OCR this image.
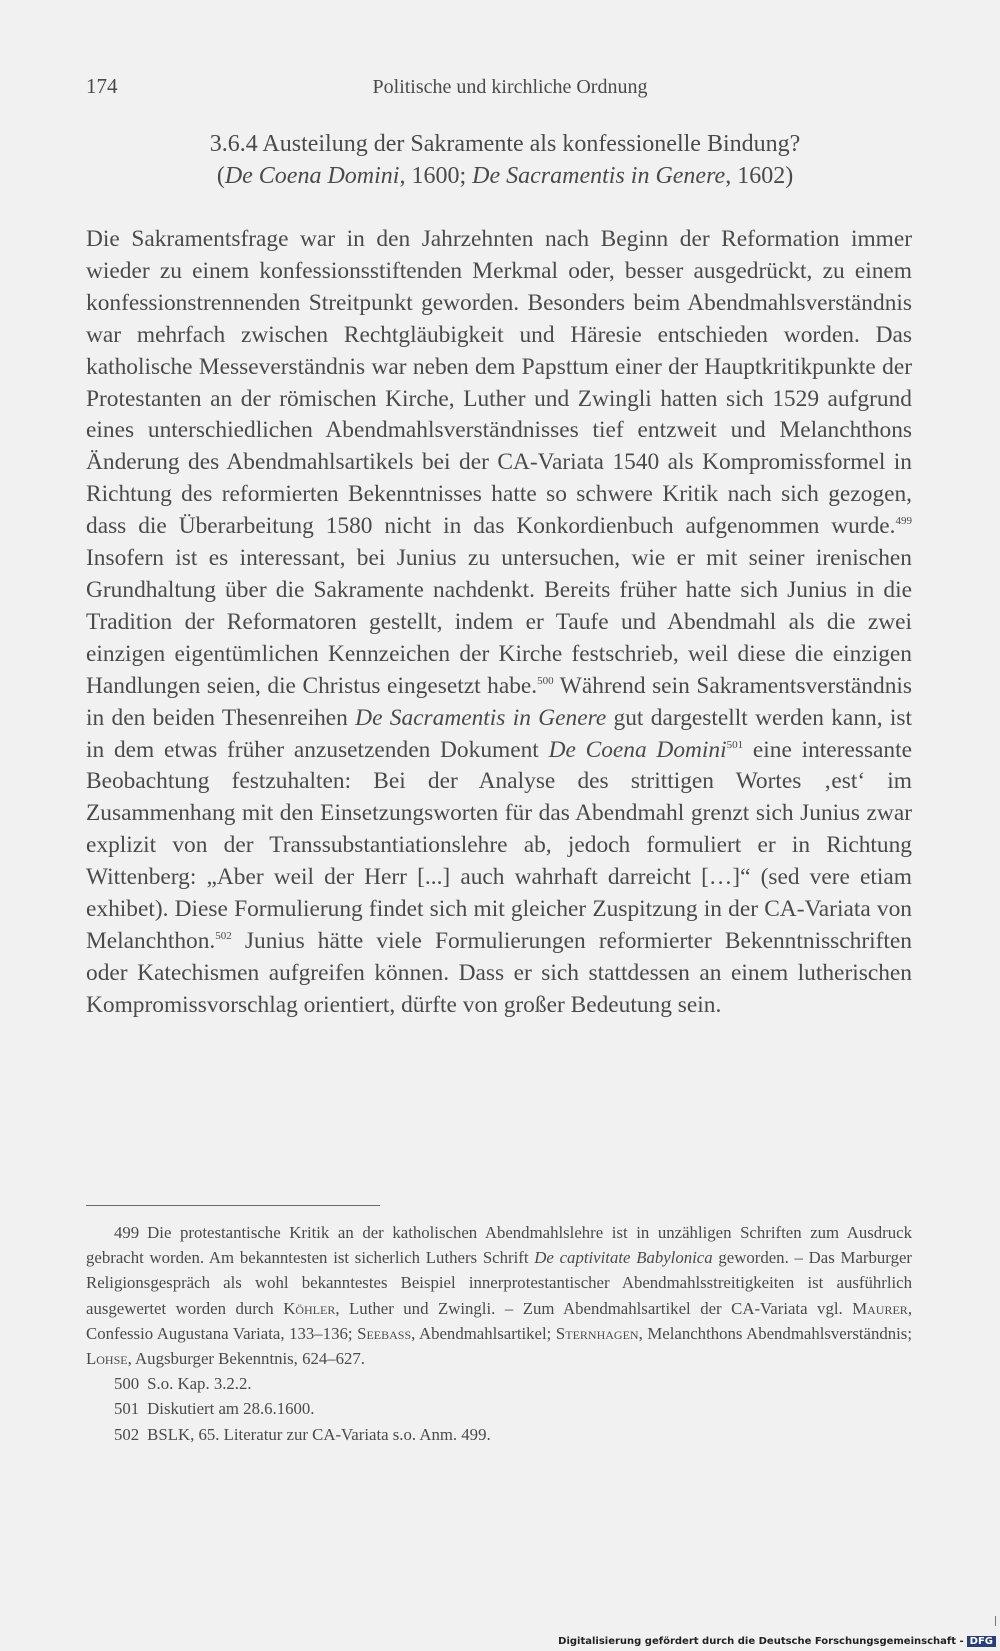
174	Politische und kirchliche Ordnung
3.6.4 Austeilung der Sakramente als konfessionelle Bindung?
(De Coena Domini, 1600; De Sacramentis in Genere, 1602)

Die Sakramentsfrage war in den Jahrzehnten nach Beginn der Reformation immer wieder zu einem konfessionsstiftenden Merkmal oder, besser ausgedrückt, zu einem konfessionstrennenden Streitpunkt geworden. Besonders beim Abendmahlsverständnis war mehrfach zwischen Rechtgläubigkeit und Häresie entschieden worden. Das katholische Messeverständnis war neben dem Papsttum einer der Hauptkritikpunkte der Protestanten an der römischen Kirche, Luther und Zwingli hatten sich 1529 aufgrund eines unterschiedlichen Abendmahlsverständnisses tief entzweit und Melanchthons Änderung des Abendmahlsartikels bei der CA-Variata 1540 als Kompromissformel in Richtung des reformierten Bekenntnisses hatte so schwere Kritik nach sich gezogen, dass die Überarbeitung 1580 nicht in das Konkordienbuch aufgenommen wurde.$^{499}$ Insofern ist es interessant, bei Junius zu untersuchen, wie er mit seiner irenischen Grundhaltung über die Sakramente nachdenkt. Bereits früher hatte sich Junius in die Tradition der Reformatoren gestellt, indem er Taufe und Abendmahl als die zwei einzigen eigentümlichen Kennzeichen der Kirche festschrieb, weil diese die einzigen Handlungen seien, die Christus eingesetzt habe.$^{500}$ Während sein Sakramentsverständnis in den beiden Thesenreihen De Sacramentis in Genere gut dargestellt werden kann, ist in dem etwas früher anzusetzenden Dokument De Coena Domini$^{501}$ eine interessante Beobachtung festzuhalten: Bei der Analyse des strittigen Wortes ‚est‘ im Zusammenhang mit den Einsetzungsworten für das Abendmahl grenzt sich Junius zwar explizit von der Transsubstantiationslehre ab, jedoch formuliert er in Richtung Wittenberg: „Aber weil der Herr [...] auch wahrhaft darreicht […]“ (sed vere etiam exhibet). Diese Formulierung findet sich mit gleicher Zuspitzung in der CA-Variata von Melanchthon.$^{502}$ Junius hätte viele Formulierungen reformierter Bekenntnisschriften oder Katechismen aufgreifen können. Dass er sich stattdessen an einem lutherischen Kompromissvorschlag orientiert, dürfte von großer Bedeutung sein.

499 Die protestantische Kritik an der katholischen Abendmahlslehre ist in unzähligen Schriften zum Ausdruck gebracht worden. Am bekanntesten ist sicherlich Luthers Schrift De captivitate Babylonica geworden. – Das Marburger Religionsgespräch als wohl bekanntestes Beispiel innerprotestantischer Abendmahlsstreitigkeiten ist ausführlich ausgewertet worden durch Köhler, Luther und Zwingli. – Zum Abendmahlsartikel der CA-Variata vgl. Maurer, Confessio Augustana Variata, 133–136; Seebass, Abendmahlsartikel; Sternhagen, Melanchthons Abendmahlsverständnis; Lohse, Augsburger Bekenntnis, 624–627.
500 S.o. Kap. 3.2.2.
501 Diskutiert am 28.6.1600.
502 BSLK, 65. Literatur zur CA-Variata s.o. Anm. 499.
Digitalisierung gefördert durch die Deutsche Forschungsgemeinschaft - DFG
